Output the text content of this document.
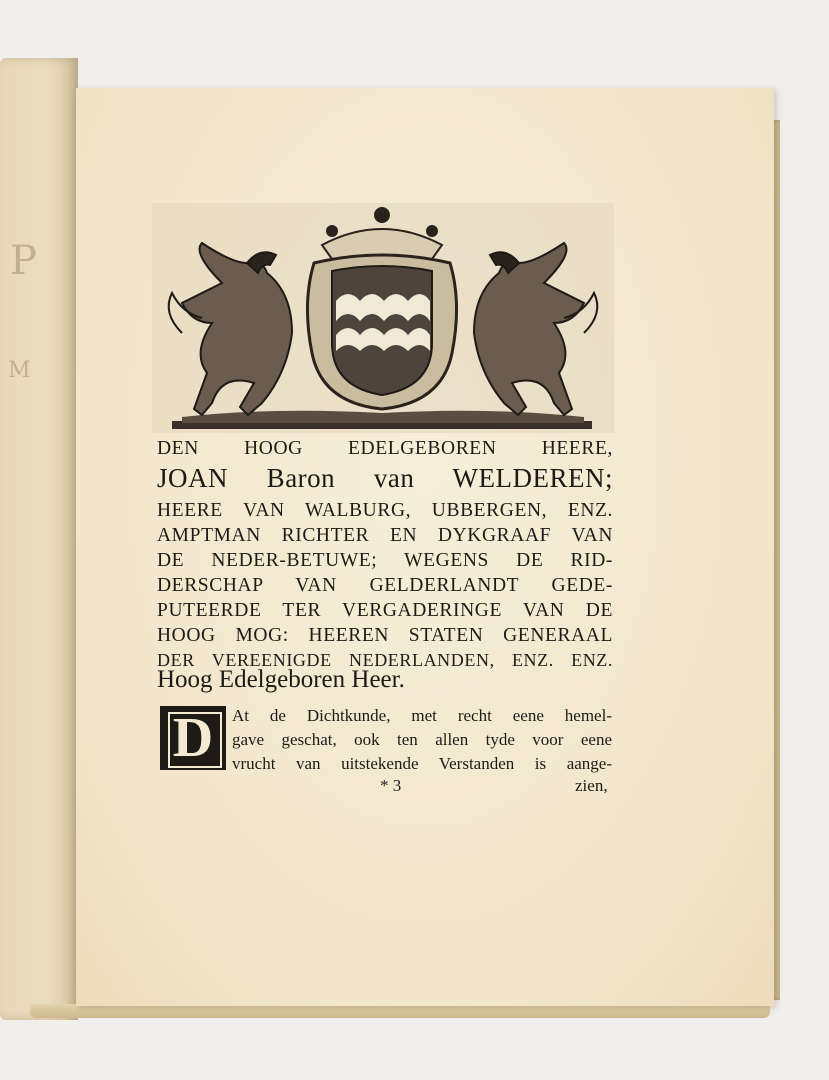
P
M
DEN HOOG EDELGEBOREN HEERE,
JOAN Baron van WELDEREN;
HEERE VAN WALBURG, UBBERGEN, ENZ.
AMPTMAN RICHTER EN DYKGRAAF VAN
DE NEDER-BETUWE; WEGENS DE RID-
DERSCHAP VAN GELDERLANDT GEDE-
PUTEERDE TER VERGADERINGE VAN DE
HOOG MOG: HEEREN STATEN GENERAAL
DER VEREENIGDE NEDERLANDEN, ENZ. ENZ.
Hoog Edelgeboren Heer.
D	At de Dichtkunde, met recht eene hemel-
gave geschat, ook ten allen tyde voor eene
vrucht van uitstekende Verstanden is aange-
* 3	zien,
